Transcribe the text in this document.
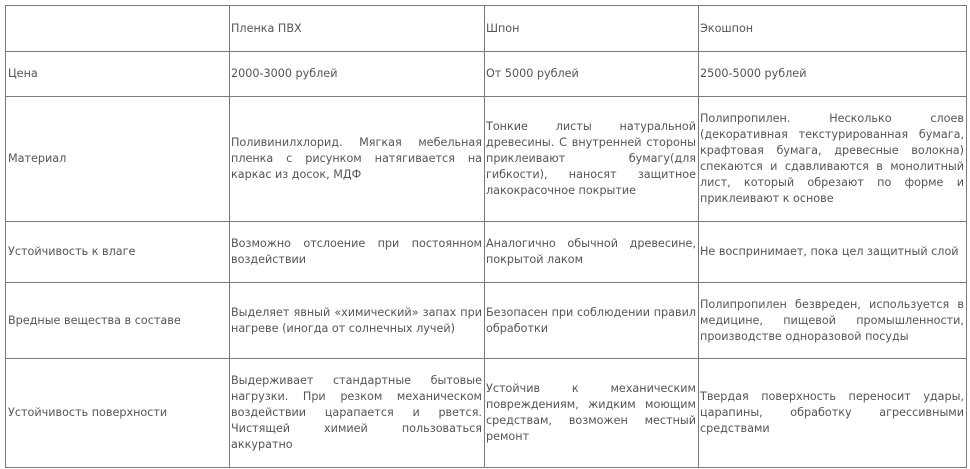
	Пленка ПВХ	Шпон	Экошпон
Цена	2000-3000 рублей	От 5000 рублей	2500-5000 рублей
Материал	Поливинилхлорид. Мягкая мебельная пленка с рисунком натягивается на каркас из досок, МДФ	Тонкие листы натуральной древесины. С внутренней стороны приклеивают бумагу(для гибкости), наносят защитное лакокрасочное покрытие	Полипропилен. Несколько слоев (декоративная текстурированная бумага, крафтовая бумага, древесные волокна) спекаются и сдавливаются в монолитный лист, который обрезают по форме и приклеивают к основе
Устойчивость к влаге	Возможно отслоение при постоянном воздействии	Аналогично обычной древесине, покрытой лаком	Не воспринимает, пока цел защитный слой
Вредные вещества в составе	Выделяет явный «химический» запах при нагреве (иногда от солнечных лучей)	Безопасен при соблюдении правил обработки	Полипропилен безвреден, используется в медицине, пищевой промышленности, производстве одноразовой посуды
Устойчивость поверхности	Выдерживает стандартные бытовые нагрузки. При резком механическом воздействии царапается и рвется. Чистящей химией пользоваться аккуратно	Устойчив к механическим повреждениям, жидким моющим средствам, возможен местный ремонт	Твердая поверхность переносит удары, царапины, обработку агрессивными средствами
